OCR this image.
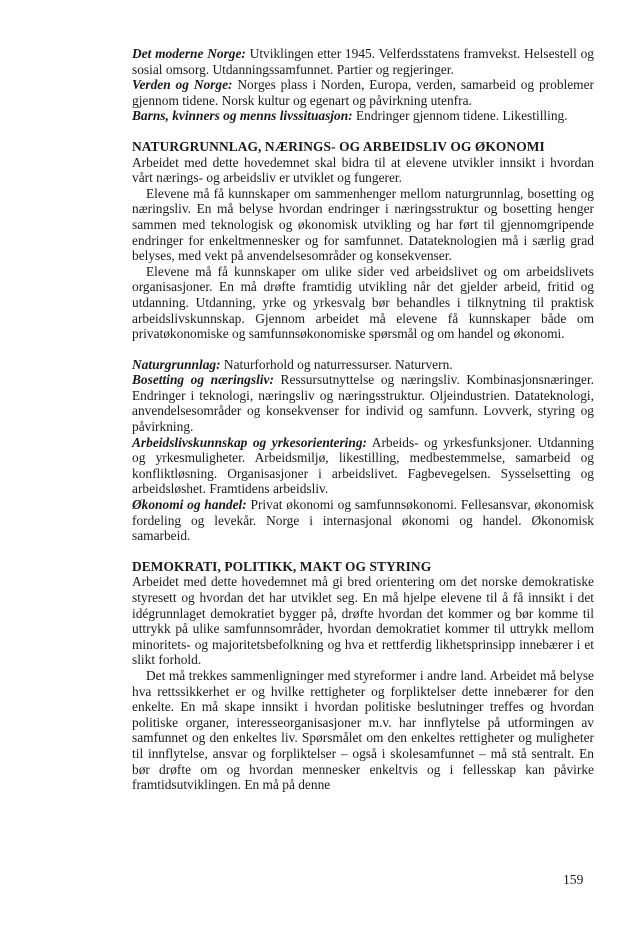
Det moderne Norge: Utviklingen etter 1945. Velferdsstatens framvekst. Helsestell og sosial omsorg. Utdanningssamfunnet. Partier og regjeringer.

Verden og Norge: Norges plass i Norden, Europa, verden, samarbeid og problemer gjennom tidene. Norsk kultur og egenart og påvirkning utenfra.

Barns, kvinners og menns livssituasjon: Endringer gjennom tidene. Likestilling.

NATURGRUNNLAG, NÆRINGS- OG ARBEIDSLIV OG ØKONOMI

Arbeidet med dette hovedemnet skal bidra til at elevene utvikler innsikt i hvordan vårt nærings- og arbeidsliv er utviklet og fungerer.

Elevene må få kunnskaper om sammenhenger mellom naturgrunnlag, bosetting og næringsliv. En må belyse hvordan endringer i næringsstruktur og bosetting henger sammen med teknologisk og økonomisk utvikling og har ført til gjennomgripende endringer for enkeltmennesker og for samfunnet. Datateknologien må i særlig grad belyses, med vekt på anvendelsesområder og konsekvenser.

Elevene må få kunnskaper om ulike sider ved arbeidslivet og om arbeidslivets organisasjoner. En må drøfte framtidig utvikling når det gjelder arbeid, fritid og utdanning. Utdanning, yrke og yrkesvalg bør behandles i tilknytning til praktisk arbeidslivskunnskap. Gjennom arbeidet må elevene få kunnskaper både om privatøkonomiske og samfunnsøkonomiske spørsmål og om handel og økonomi.

Naturgrunnlag: Naturforhold og naturressurser. Naturvern.

Bosetting og næringsliv: Ressursutnyttelse og næringsliv. Kombinasjonsnæringer. Endringer i teknologi, næringsliv og næringsstruktur. Oljeindustrien. Datateknologi, anvendelsesområder og konsekvenser for individ og samfunn. Lovverk, styring og påvirkning.

Arbeidslivskunnskap og yrkesorientering: Arbeids- og yrkesfunksjoner. Utdanning og yrkesmuligheter. Arbeidsmiljø, likestilling, medbestemmelse, samarbeid og konfliktløsning. Organisasjoner i arbeidslivet. Fagbevegelsen. Sysselsetting og arbeidsløshet. Framtidens arbeidsliv.

Økonomi og handel: Privat økonomi og samfunnsøkonomi. Fellesansvar, økonomisk fordeling og levekår. Norge i internasjonal økonomi og handel. Økonomisk samarbeid.

DEMOKRATI, POLITIKK, MAKT OG STYRING

Arbeidet med dette hovedemnet må gi bred orientering om det norske demokratiske styresett og hvordan det har utviklet seg. En må hjelpe elevene til å få innsikt i det idégrunnlaget demokratiet bygger på, drøfte hvordan det kommer og bør komme til uttrykk på ulike samfunnsområder, hvordan demokratiet kommer til uttrykk mellom minoritets- og majoritetsbefolkning og hva et rettferdig likhetsprinsipp innebærer i et slikt forhold.

Det må trekkes sammenligninger med styreformer i andre land. Arbeidet må belyse hva rettssikkerhet er og hvilke rettigheter og forpliktelser dette innebærer for den enkelte. En må skape innsikt i hvordan politiske beslutninger treffes og hvordan politiske organer, interesseorganisasjoner m.v. har innflytelse på utformingen av samfunnet og den enkeltes liv. Spørsmålet om den enkeltes rettigheter og muligheter til innflytelse, ansvar og forpliktelser – også i skolesamfunnet – må stå sentralt. En bør drøfte om og hvordan mennesker enkeltvis og i fellesskap kan påvirke framtidsutviklingen. En må på denne

159
